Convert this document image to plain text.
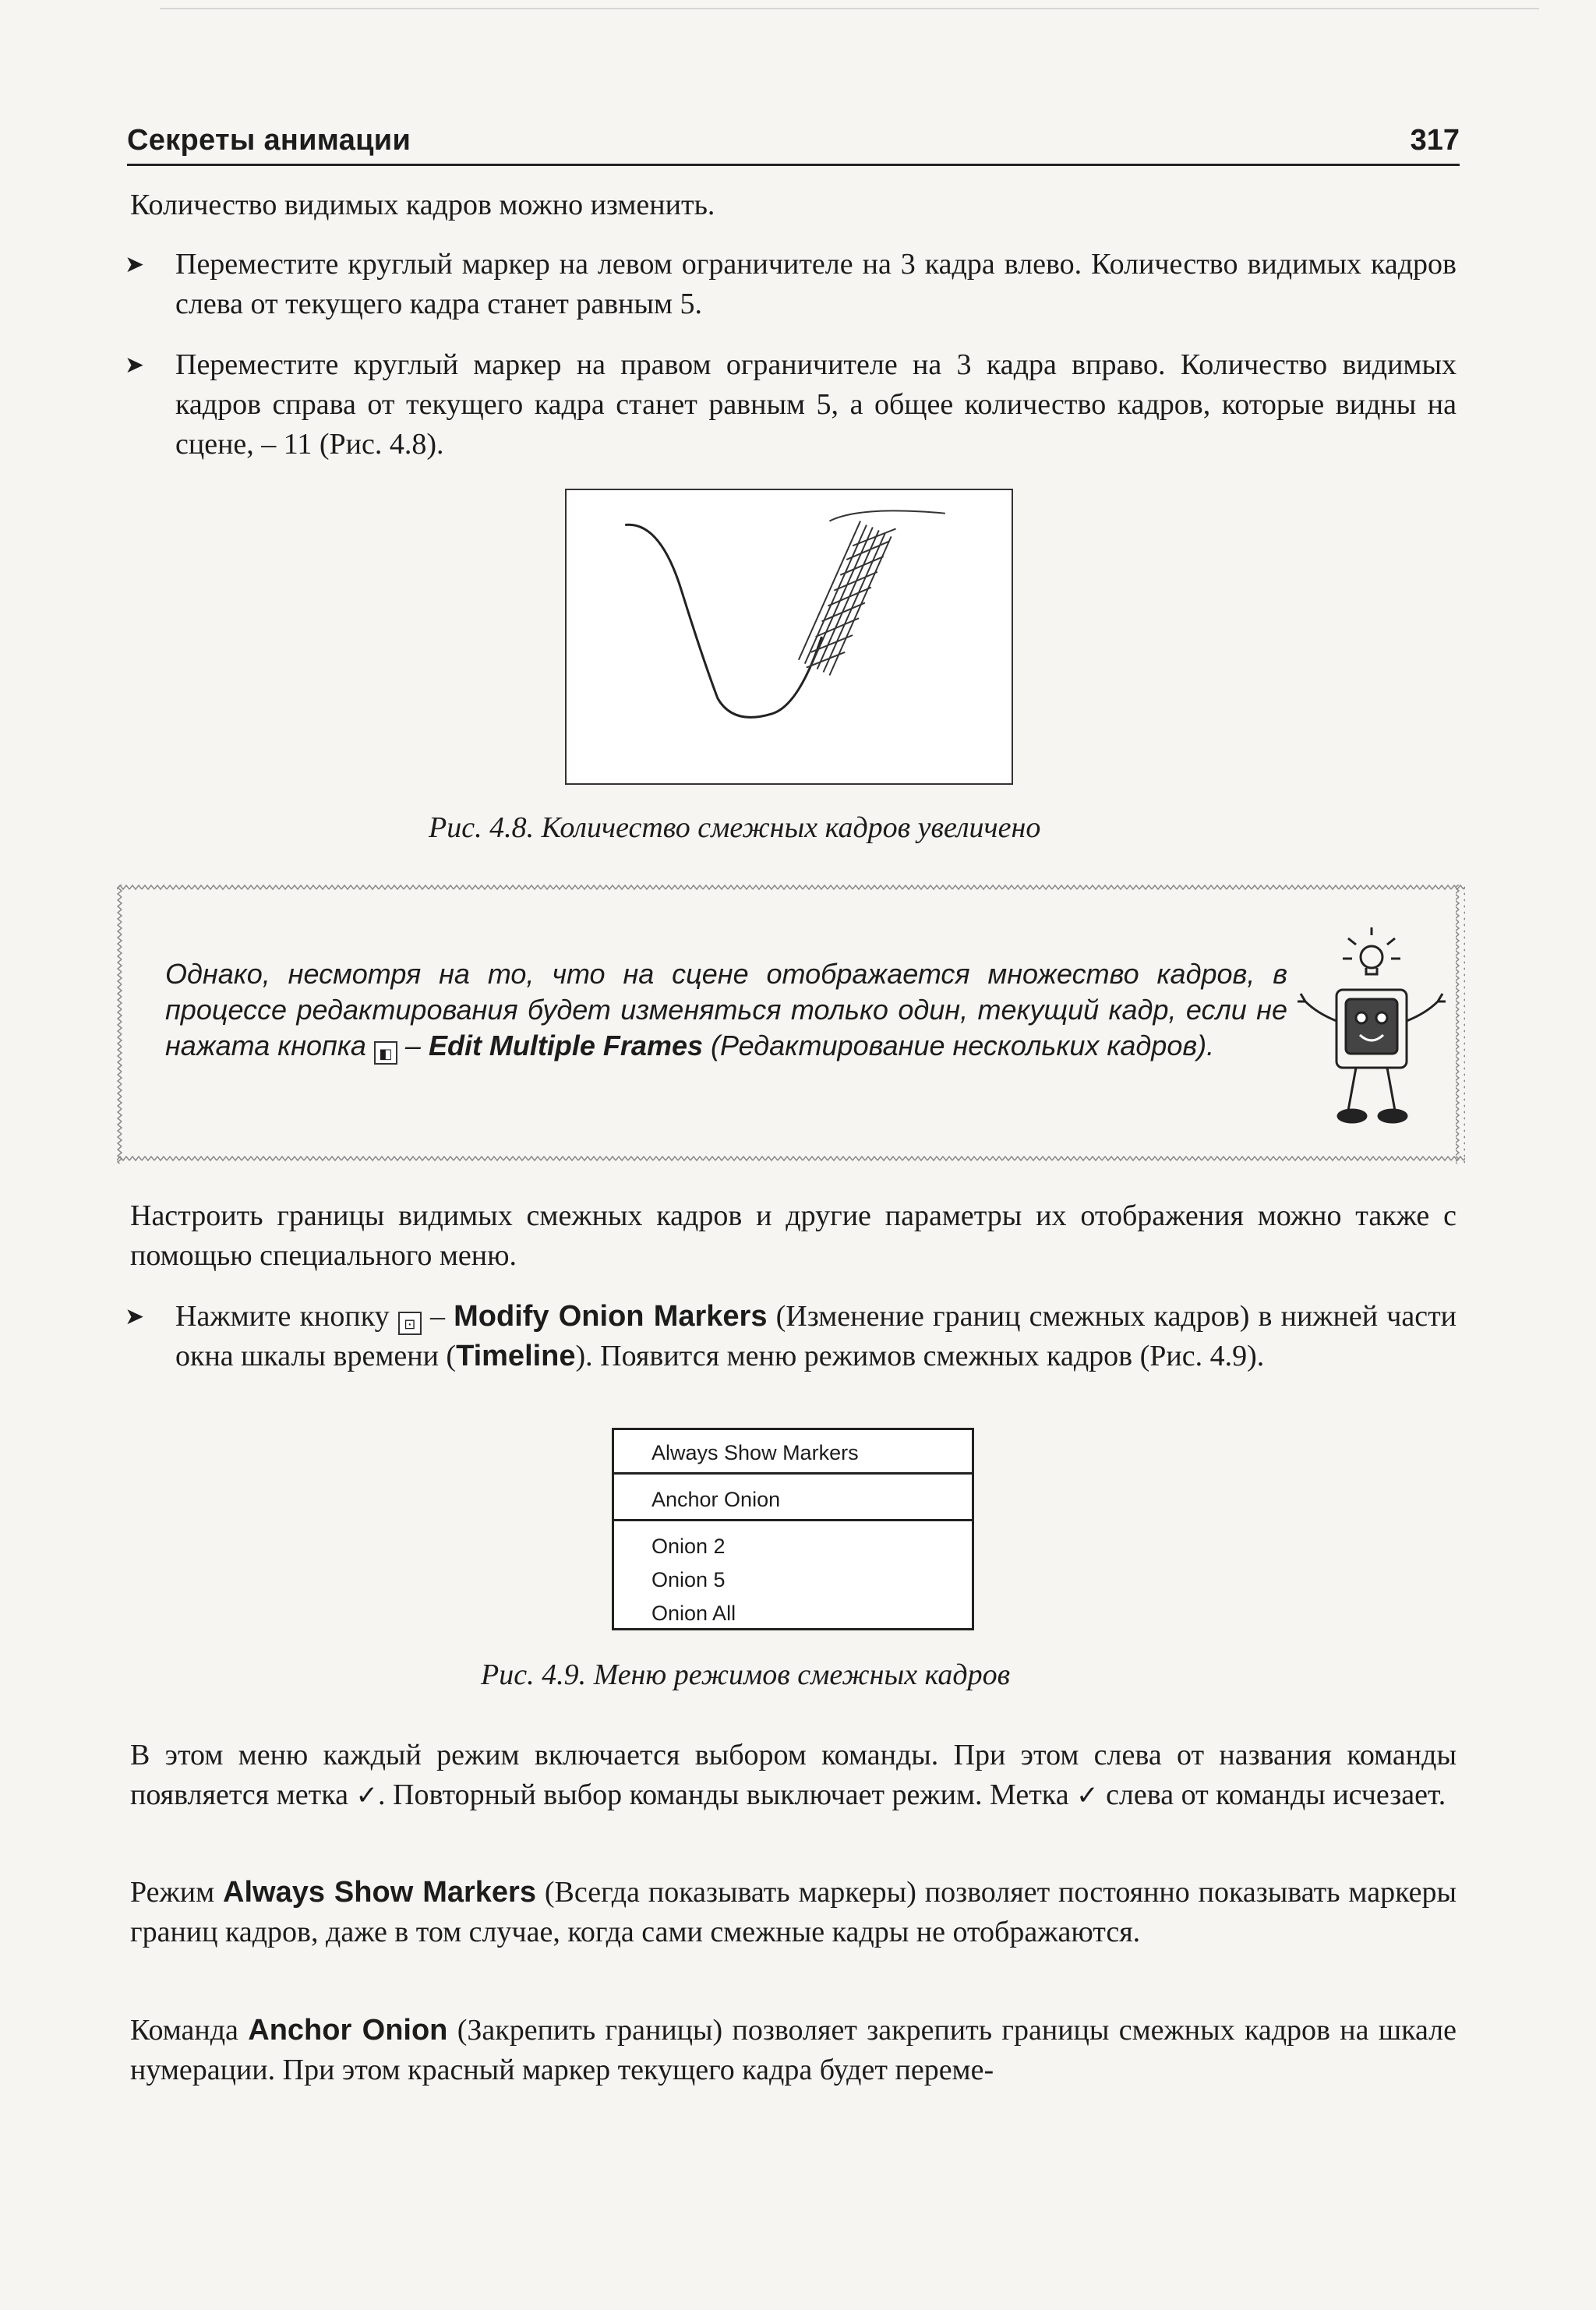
Секреты анимации	317

Количество видимых кадров можно изменить.

➤ Переместите круглый маркер на левом ограничителе на 3 кадра влево. Количество видимых кадров слева от текущего кадра станет равным 5.
➤ Переместите круглый маркер на правом ограничителе на 3 кадра вправо. Количество видимых кадров справа от текущего кадра станет равным 5, а общее количество кадров, которые видны на сцене, – 11 (Рис. 4.8).
Рис. 4.8. Количество смежных кадров увеличено

Однако, несмотря на то, что на сцене отображается множество кадров, в процессе редактирования будет изменяться только один, текущий кадр, если не нажата кнопка ◧ – Edit Multiple Frames (Редактирование нескольких кадров).

Настроить границы видимых смежных кадров и другие параметры их отображения можно также с помощью специального меню.

➤ Нажмите кнопку ⊡ – Modify Onion Markers (Изменение границ смежных кадров) в нижней части окна шкалы времени (Timeline). Появится меню режимов смежных кадров (Рис. 4.9).
Always Show Markers
Anchor Onion
Onion 2
Onion 5
Onion All
Рис. 4.9. Меню режимов смежных кадров

В этом меню каждый режим включается выбором команды. При этом слева от названия команды появляется метка ✓. Повторный выбор команды выключает режим. Метка ✓ слева от команды исчезает.

Режим Always Show Markers (Всегда показывать маркеры) позволяет постоянно показывать маркеры границ кадров, даже в том случае, когда сами смежные кадры не отображаются.

Команда Anchor Onion (Закрепить границы) позволяет закрепить границы смежных кадров на шкале нумерации. При этом красный маркер текущего кадра будет переме-
